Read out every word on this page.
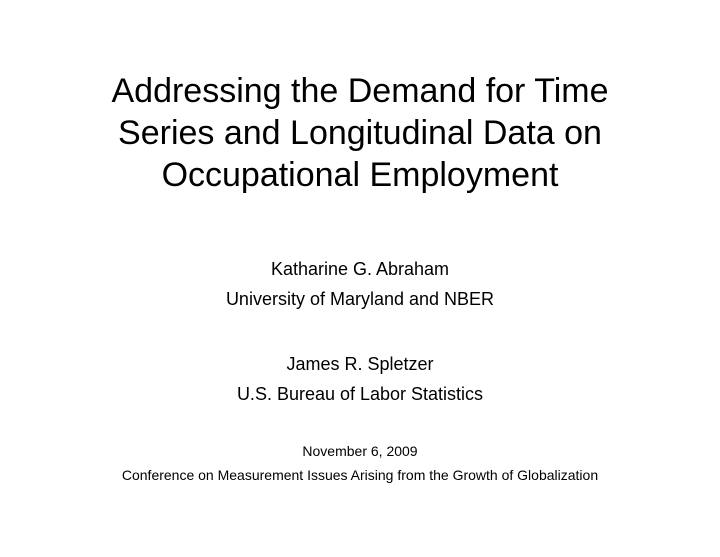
Addressing the Demand for Time
Series and Longitudinal Data on
Occupational Employment
Katharine G. Abraham
University of Maryland and NBER
James R. Spletzer
U.S. Bureau of Labor Statistics
November 6, 2009
Conference on Measurement Issues Arising from the Growth of Globalization
